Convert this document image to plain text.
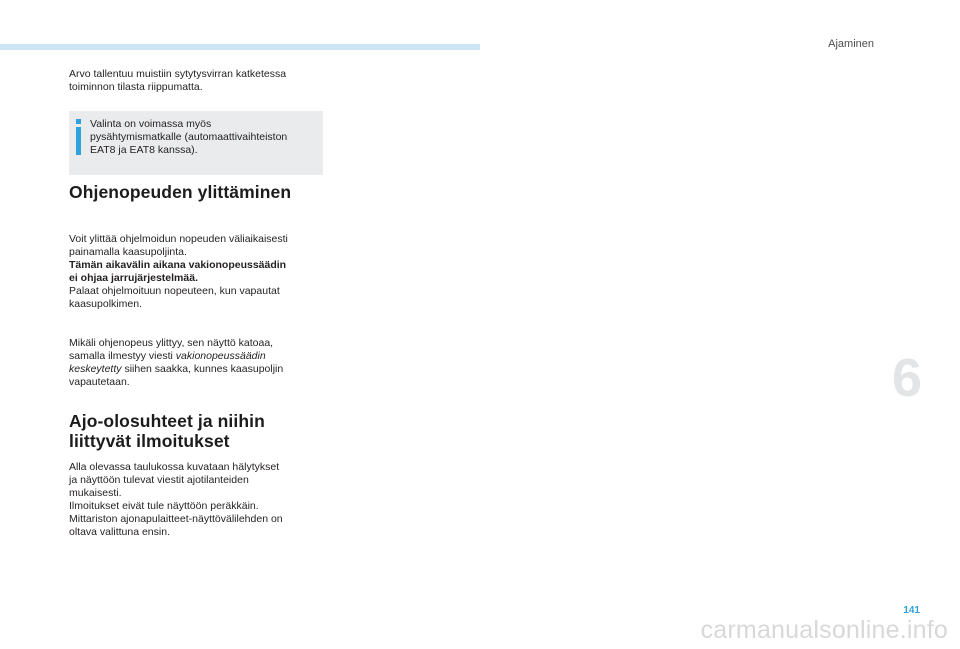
Ajaminen
Arvo tallentuu muistiin sytytysvirran katketessa
toiminnon tilasta riippumatta.
Valinta on voimassa myös
pysähtymismatkalle (automaattivaihteiston
EAT8 ja EAT8 kanssa).
Ohjenopeuden ylittäminen
Voit ylittää ohjelmoidun nopeuden väliaikaisesti
painamalla kaasupoljinta.
Tämän aikavälin aikana vakionopeussäädin
ei ohjaa jarrujärjestelmää.
Palaat ohjelmoituun nopeuteen, kun vapautat
kaasupolkimen.
Mikäli ohjenopeus ylittyy, sen näyttö katoaa,
samalla ilmestyy viesti vakionopeussäädin
keskeytetty siihen saakka, kunnes kaasupoljin
vapautetaan.
Ajo-olosuhteet ja niihin
liittyvät ilmoitukset
Alla olevassa taulukossa kuvataan hälytykset
ja näyttöön tulevat viestit ajotilanteiden
mukaisesti.
Ilmoitukset eivät tule näyttöön peräkkäin.
Mittariston ajonapulaitteet-näyttövälilehden on
oltava valittuna ensin.
6
141
carmanualsonline.info
